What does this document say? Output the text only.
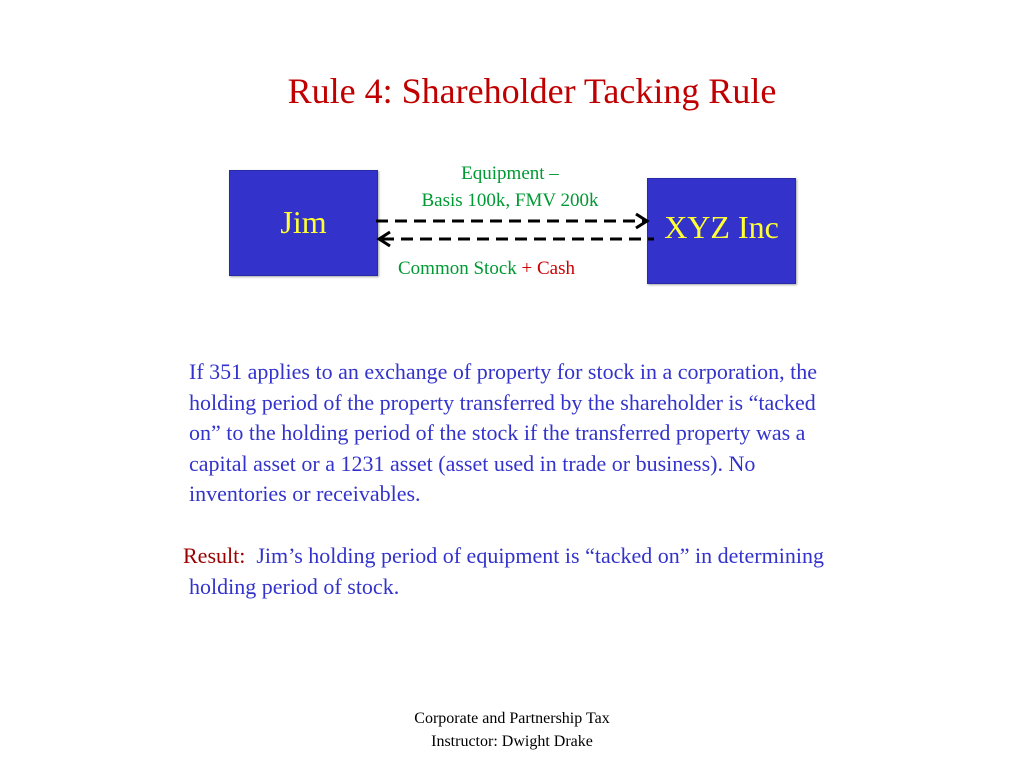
Rule 4: Shareholder Tacking Rule
Jim	XYZ Inc
Equipment –
Basis 100k, FMV 200k
Common Stock + Cash
If 351 applies to an exchange of property for stock in a corporation, the
holding period of the property transferred by the shareholder is “tacked
on” to the holding period of the stock if the transferred property was a
capital asset or a 1231 asset (asset used in trade or business). No
inventories or receivables.
Result:  Jim’s holding period of equipment is “tacked on” in determining
holding period of stock.
Corporate and Partnership Tax
Instructor: Dwight Drake
